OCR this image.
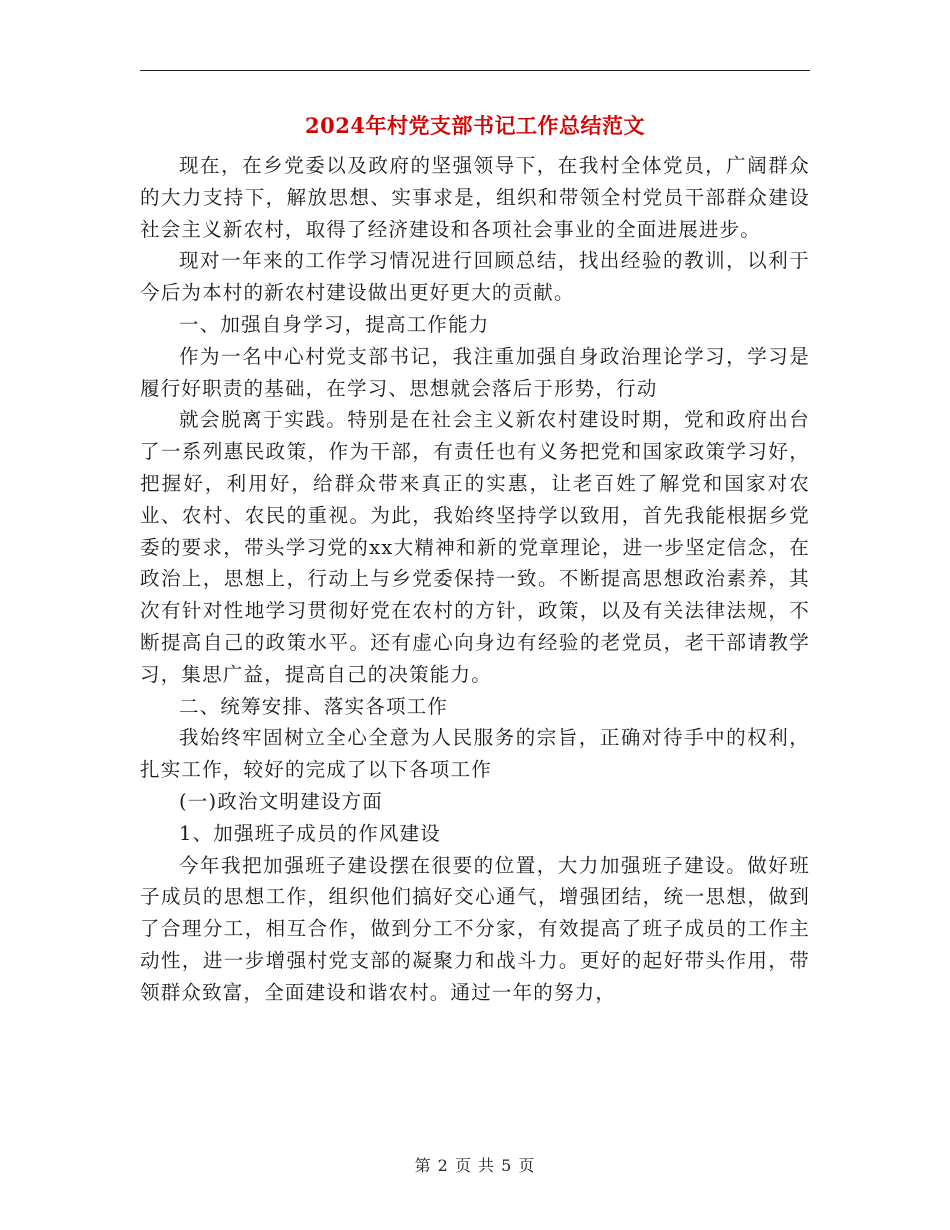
2024年村党支部书记工作总结范文

现在，在乡党委以及政府的坚强领导下，在我村全体党员，广阔群众的大力支持下，解放思想、实事求是，组织和带领全村党员干部群众建设社会主义新农村，取得了经济建设和各项社会事业的全面进展进步。

现对一年来的工作学习情况进行回顾总结，找出经验的教训，以利于今后为本村的新农村建设做出更好更大的贡献。

一、加强自身学习，提高工作能力

作为一名中心村党支部书记，我注重加强自身政治理论学习，学习是履行好职责的基础，在学习、思想就会落后于形势，行动

就会脱离于实践。特别是在社会主义新农村建设时期，党和政府出台了一系列惠民政策，作为干部，有责任也有义务把党和国家政策学习好，把握好，利用好，给群众带来真正的实惠，让老百姓了解党和国家对农业、农村、农民的重视。为此，我始终坚持学以致用，首先我能根据乡党委的要求，带头学习党的xx大精神和新的党章理论，进一步坚定信念，在政治上，思想上，行动上与乡党委保持一致。不断提高思想政治素养，其次有针对性地学习贯彻好党在农村的方针，政策，以及有关法律法规，不断提高自己的政策水平。还有虚心向身边有经验的老党员，老干部请教学习，集思广益，提高自己的决策能力。

二、统筹安排、落实各项工作

我始终牢固树立全心全意为人民服务的宗旨，正确对待手中的权利，扎实工作，较好的完成了以下各项工作

(一)政治文明建设方面

1、加强班子成员的作风建设

今年我把加强班子建设摆在很要的位置，大力加强班子建设。做好班子成员的思想工作，组织他们搞好交心通气，增强团结，统一思想，做到了合理分工，相互合作，做到分工不分家，有效提高了班子成员的工作主动性，进一步增强村党支部的凝聚力和战斗力。更好的起好带头作用，带领群众致富，全面建设和谐农村。通过一年的努力，

第 2 页 共 5 页
